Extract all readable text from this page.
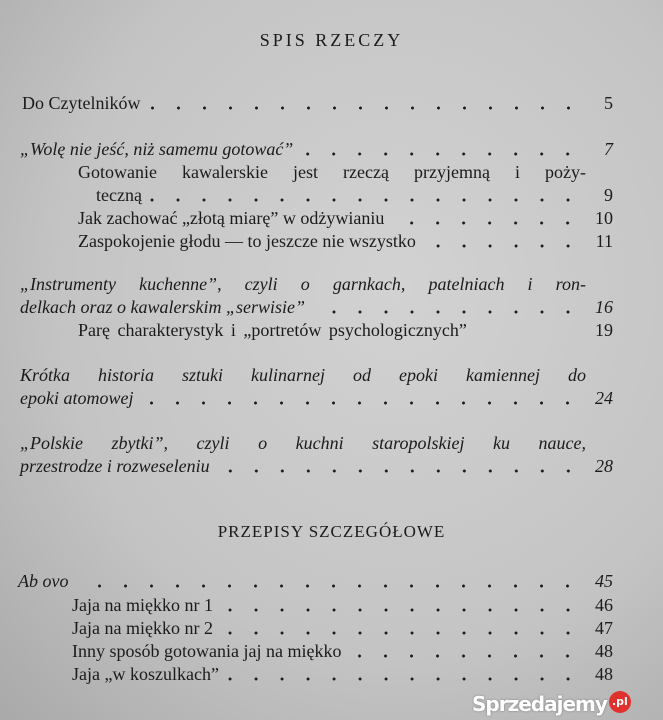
SPIS RZECZY
Do Czytelników	5
„Wolę nie jeść, niż samemu gotować”	7
Gotowanie kawalerskie jest rzeczą przyjemną i poży-
teczną	9
Jak zachować „złotą miarę” w odżywianiu	10
Zaspokojenie głodu — to jeszcze nie wszystko	11
„Instrumenty kuchenne”, czyli o garnkach, patelniach i ron-
delkach oraz o kawalerskim „serwisie”	16
Parę charakterystyk i „portretów psychologicznych”	19
Krótka historia sztuki kulinarnej od epoki kamiennej do
epoki atomowej	24
„Polskie zbytki”, czyli o kuchni staropolskiej ku nauce,
przestrodze i rozweseleniu	28
PRZEPISY SZCZEGÓŁOWE
Ab ovo	45
Jaja na miękko nr 1	46
Jaja na miękko nr 2	47
Inny sposób gotowania jaj na miękko	48
Jaja „w koszulkach”	48
Sprzedajemy .pl
